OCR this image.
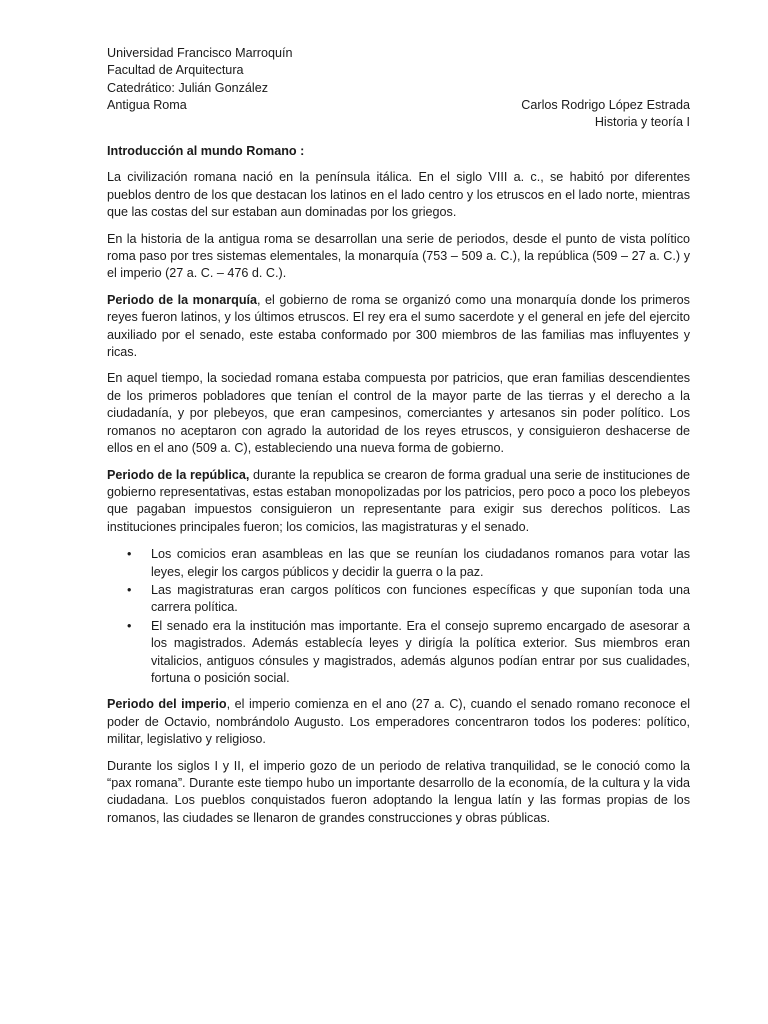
Universidad Francisco Marroquín
Facultad de Arquitectura
Catedrático: Julián González
Antigua Roma	Carlos Rodrigo López Estrada
Historia y teoría I
Introducción al mundo Romano :

La civilización romana nació en la península itálica. En el siglo VIII a. c., se habitó por diferentes pueblos dentro de los que destacan los latinos en el lado centro y los etruscos en el lado norte, mientras que las costas del sur estaban aun dominadas por los griegos.

En la historia de la antigua roma se desarrollan una serie de periodos, desde el punto de vista político roma paso por tres sistemas elementales, la monarquía (753 – 509 a. C.), la república (509 – 27 a. C.) y el imperio (27 a. C. – 476 d. C.).

Periodo de la monarquía, el gobierno de roma se organizó como una monarquía donde los primeros reyes fueron latinos, y los últimos etruscos. El rey era el sumo sacerdote y el general en jefe del ejercito auxiliado por el senado, este estaba conformado por 300 miembros de las familias mas influyentes y ricas.

En aquel tiempo, la sociedad romana estaba compuesta por patricios, que eran familias descendientes de los primeros pobladores que tenían el control de la mayor parte de las tierras y el derecho a la ciudadanía, y por plebeyos, que eran campesinos, comerciantes y artesanos sin poder político. Los romanos no aceptaron con agrado la autoridad de los reyes etruscos, y consiguieron deshacerse de ellos en el ano (509 a. C), estableciendo una nueva forma de gobierno.

Periodo de la república, durante la republica se crearon de forma gradual una serie de instituciones de gobierno representativas, estas estaban monopolizadas por los patricios, pero poco a poco los plebeyos que pagaban impuestos consiguieron un representante para exigir sus derechos políticos. Las instituciones principales fueron; los comicios, las magistraturas y el senado.

• Los comicios eran asambleas en las que se reunían los ciudadanos romanos para votar las leyes, elegir los cargos públicos y decidir la guerra o la paz.
• Las magistraturas eran cargos políticos con funciones específicas y que suponían toda una carrera política.
• El senado era la institución mas importante. Era el consejo supremo encargado de asesorar a los magistrados. Además establecía leyes y dirigía la política exterior. Sus miembros eran vitalicios, antiguos cónsules y magistrados, además algunos podían entrar por sus cualidades, fortuna o posición social.

Periodo del imperio, el imperio comienza en el ano (27 a. C), cuando el senado romano reconoce el poder de Octavio, nombrándolo Augusto. Los emperadores concentraron todos los poderes: político, militar, legislativo y religioso.

Durante los siglos I y II, el imperio gozo de un periodo de relativa tranquilidad, se le conoció como la “pax romana”. Durante este tiempo hubo un importante desarrollo de la economía, de la cultura y la vida ciudadana. Los pueblos conquistados fueron adoptando la lengua latín y las formas propias de los romanos, las ciudades se llenaron de grandes construcciones y obras públicas.
